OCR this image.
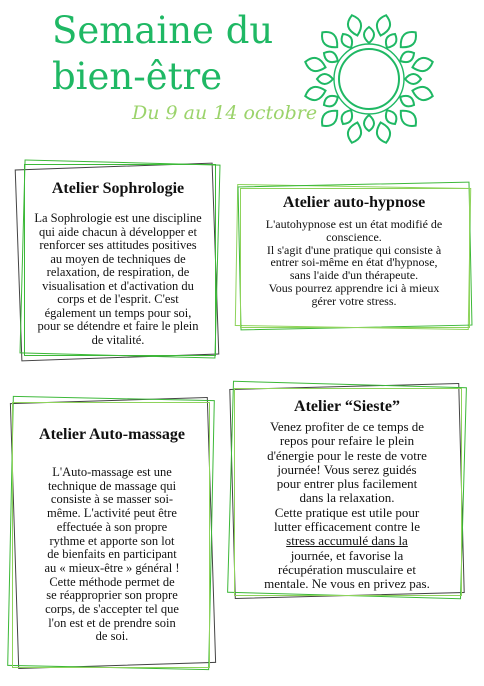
Semaine du
bien-être
Du 9 au 14 octobre
Atelier Sophrologie

La Sophrologie est une discipline

qui aide chacun à développer et

renforcer ses attitudes positives

au moyen de techniques de

relaxation, de respiration, de

visualisation et d'activation du

corps et de l'esprit. C'est

également un temps pour soi,

pour se détendre et faire le plein

de vitalité.

Atelier auto-hypnose

L'autohypnose est un état modifié de

conscience.

Il s'agit d'une pratique qui consiste à

entrer soi-même en état d'hypnose,

sans l'aide d'un thérapeute.

Vous pourrez apprendre ici à mieux

gérer votre stress.

Atelier Auto-massage

L'Auto-massage est une

technique de massage qui

consiste à se masser soi-

même. L'activité peut être

effectuée à son propre

rythme et apporte son lot

de bienfaits en participant

au « mieux-être » général !

Cette méthode permet de

se réapproprier son propre

corps, de s'accepter tel que

l'on est et de prendre soin

de soi.

Atelier “Sieste”

Venez profiter de ce temps de

repos pour refaire le plein

d'énergie pour le reste de votre

journée! Vous serez guidés

pour entrer plus facilement

dans la relaxation.

Cette pratique est utile pour

lutter efficacement contre le

stress accumulé dans la

journée, et favorise la

récupération musculaire et

mentale. Ne vous en privez pas.
